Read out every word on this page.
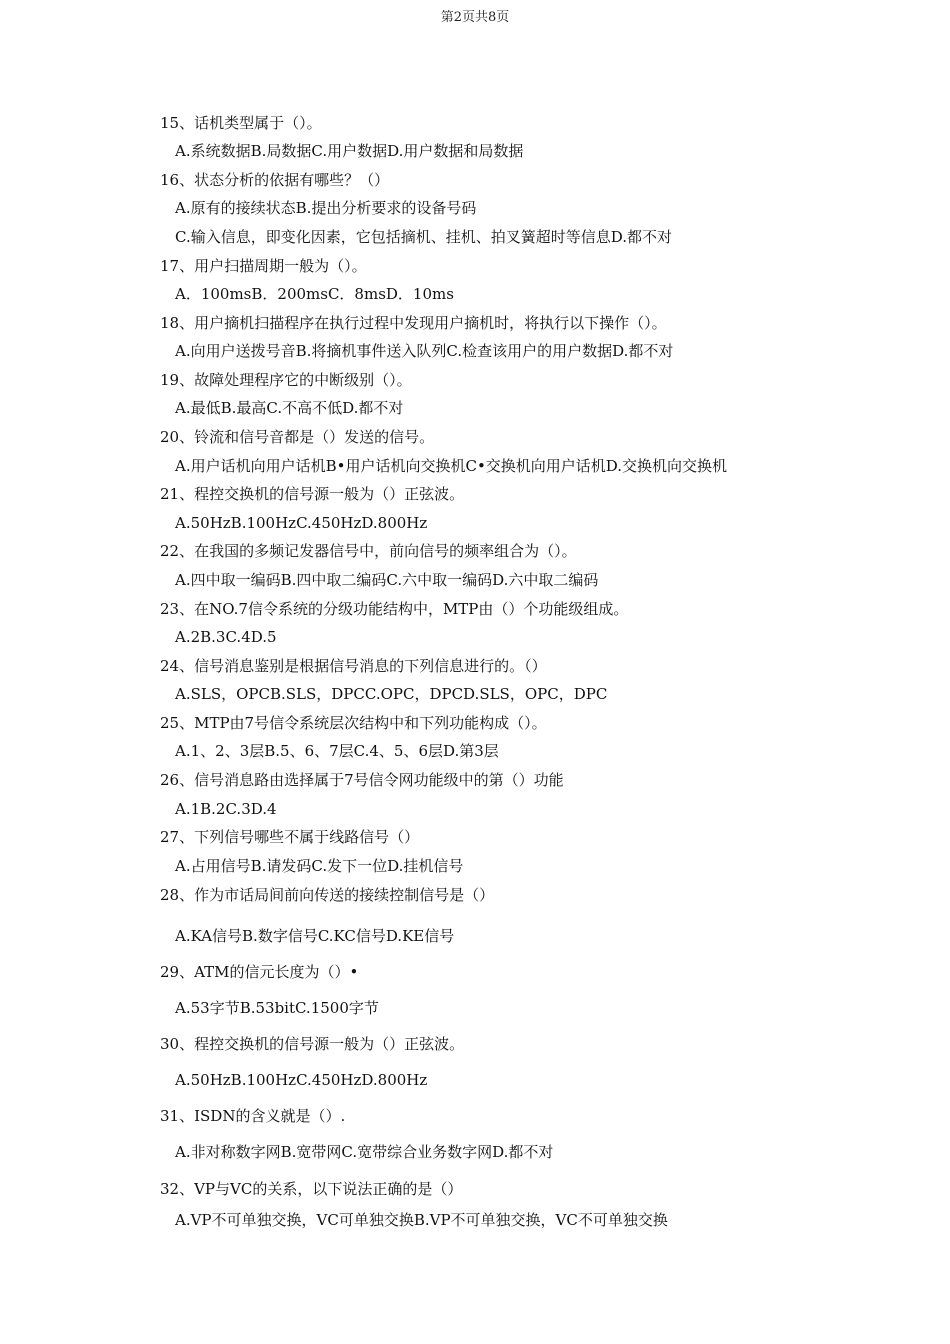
第2页共8页
15、话机类型属于（）。
A.系统数据B.局数据C.用户数据D.用户数据和局数据
16、状态分析的依据有哪些？（）
A.原有的接续状态B.提出分析要求的设备号码
C.输入信息，即变化因素，它包括摘机、挂机、拍叉簧超时等信息D.都不对
17、用户扫描周期一般为（）。
A．100msB．200msC．8msD．10ms
18、用户摘机扫描程序在执行过程中发现用户摘机时，将执行以下操作（）。
A.向用户送拨号音B.将摘机事件送入队列C.检查该用户的用户数据D.都不对
19、故障处理程序它的中断级别（）。
A.最低B.最高C.不高不低D.都不对
20、铃流和信号音都是（）发送的信号。
A.用户话机向用户话机B•用户话机向交换机C•交换机向用户话机D.交换机向交换机
21、程控交换机的信号源一般为（）正弦波。
A.50HzB.100HzC.450HzD.800Hz
22、在我国的多频记发器信号中，前向信号的频率组合为（）。
A.四中取一编码B.四中取二编码C.六中取一编码D.六中取二编码
23、在NO.7信令系统的分级功能结构中，MTP由（）个功能级组成。
A.2B.3C.4D.5
24、信号消息鉴别是根据信号消息的下列信息进行的。（）
A.SLS，OPCB.SLS，DPCC.OPC，DPCD.SLS，OPC，DPC
25、MTP由7号信令系统层次结构中和下列功能构成（）。
A.1、2、3层B.5、6、7层C.4、5、6层D.第3层
26、信号消息路由选择属于7号信令网功能级中的第（）功能
A.1B.2C.3D.4
27、下列信号哪些不属于线路信号（）
A.占用信号B.请发码C.发下一位D.挂机信号
28、作为市话局间前向传送的接续控制信号是（）
A.KA信号B.数字信号C.KC信号D.KE信号
29、ATM的信元长度为（）•
A.53字节B.53bitC.1500字节
30、程控交换机的信号源一般为（）正弦波。
A.50HzB.100HzC.450HzD.800Hz
31、ISDN的含义就是（）.
A.非对称数字网B.宽带网C.宽带综合业务数字网D.都不对
32、VP与VC的关系，以下说法正确的是（）
A.VP不可单独交换，VC可单独交换B.VP不可单独交换，VC不可单独交换
